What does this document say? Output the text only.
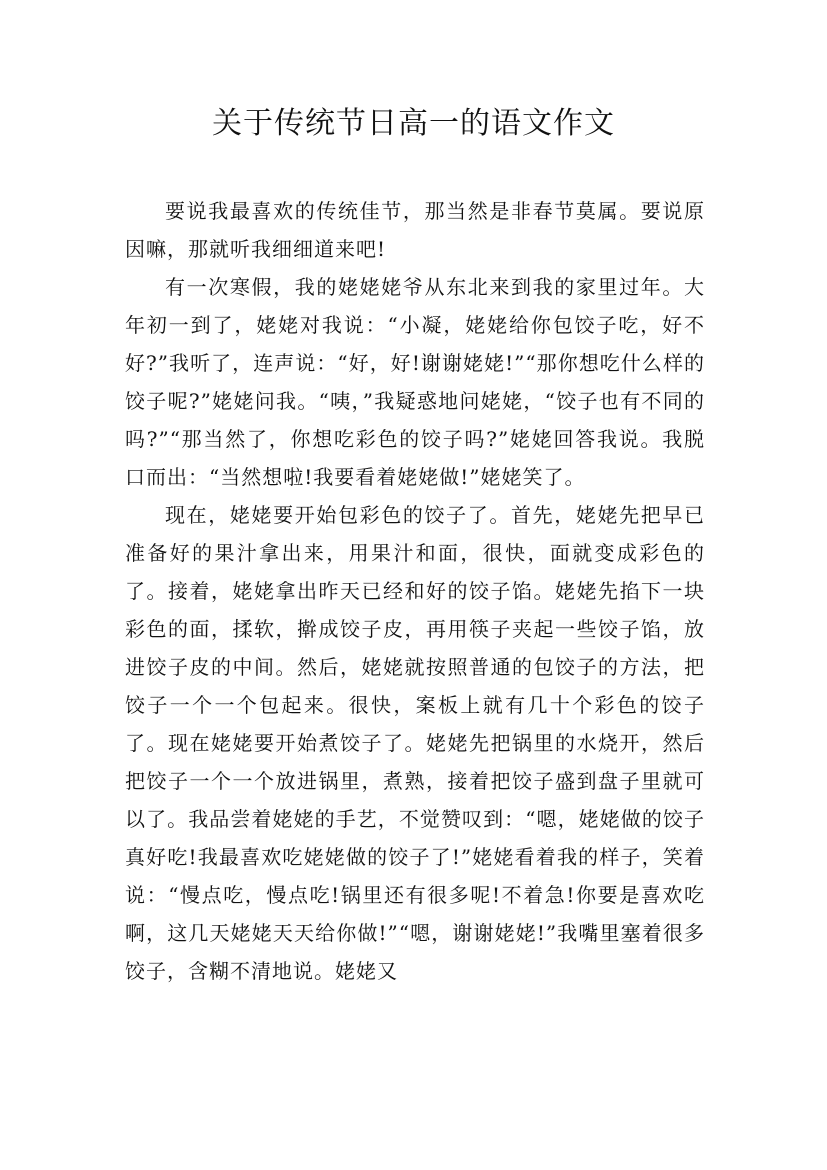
关于传统节日高一的语文作文

要说我最喜欢的传统佳节，那当然是非春节莫属。要说原因嘛，那就听我细细道来吧!

有一次寒假，我的姥姥姥爷从东北来到我的家里过年。大年初一到了，姥姥对我说：“小凝，姥姥给你包饺子吃，好不好?”我听了，连声说：“好，好!谢谢姥姥!”“那你想吃什么样的饺子呢?”姥姥问我。“咦，”我疑惑地问姥姥，“饺子也有不同的吗?”“那当然了，你想吃彩色的饺子吗?”姥姥回答我说。我脱口而出：“当然想啦!我要看着姥姥做!”姥姥笑了。

现在，姥姥要开始包彩色的饺子了。首先，姥姥先把早已准备好的果汁拿出来，用果汁和面，很快，面就变成彩色的了。接着，姥姥拿出昨天已经和好的饺子馅。姥姥先掐下一块彩色的面，揉软，擀成饺子皮，再用筷子夹起一些饺子馅，放进饺子皮的中间。然后，姥姥就按照普通的包饺子的方法，把饺子一个一个包起来。很快，案板上就有几十个彩色的饺子了。现在姥姥要开始煮饺子了。姥姥先把锅里的水烧开，然后把饺子一个一个放进锅里，煮熟，接着把饺子盛到盘子里就可以了。我品尝着姥姥的手艺，不觉赞叹到：“嗯，姥姥做的饺子真好吃!我最喜欢吃姥姥做的饺子了!”姥姥看着我的样子，笑着说：“慢点吃，慢点吃!锅里还有很多呢!不着急!你要是喜欢吃啊，这几天姥姥天天给你做!”“嗯，谢谢姥姥!”我嘴里塞着很多饺子，含糊不清地说。姥姥又
